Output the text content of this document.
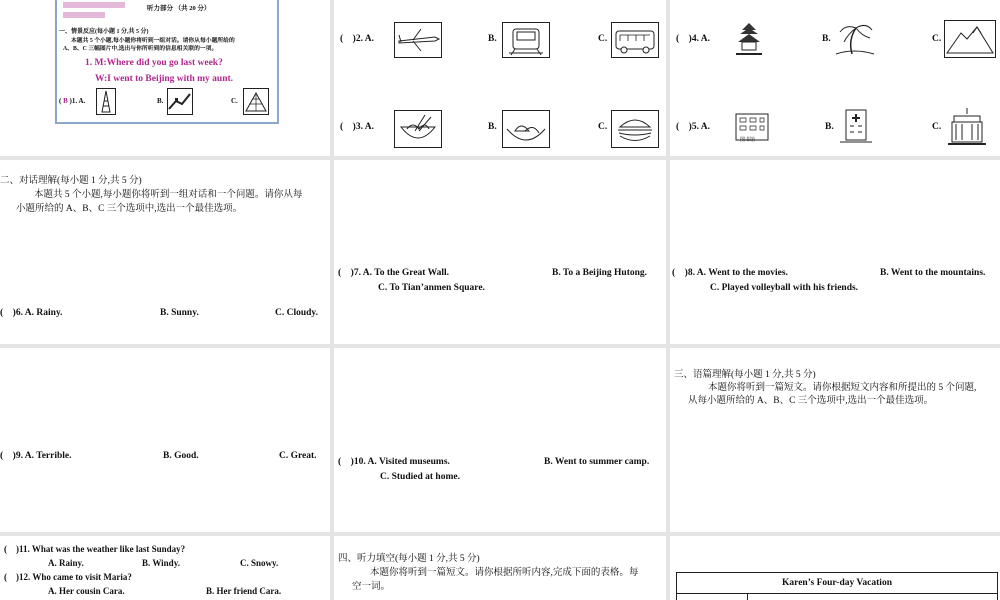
听力部分 （共 20 分）
一、情景反应(每小题 1 分,共 5 分)
本题共 5 个小题,每小题你将听到一组对话。请你从每小题所给的
A、B、C 三幅图片中,选出与你所听到的信息相关联的一项。
1. M:Where did you go last week?
W:I went to Beijing with my aunt.
( B )1. A.	B.	C.
( )2. A.	B.	C.
( )3. A.	B.	C.
( )4. A.	B.	C.
( )5. A.
图书馆
B.	C.
二、对话理解(每小题 1 分,共 5 分)
本题共 5 个小题,每小题你将听到一组对话和一个问题。请你从每
小题所给的 A、B、C 三个选项中,选出一个最佳选项。
( )6. A. Rainy.	B. Sunny.	C. Cloudy.
( )7. A. To the Great Wall.	B. To a Beijing Hutong.
C. To Tian’anmen Square.
( )8. A. Went to the movies.	B. Went to the mountains.
C. Played volleyball with his friends.
( )9. A. Terrible.	B. Good.	C. Great.
( )10. A. Visited museums.	B. Went to summer camp.
C. Studied at home.
三、语篇理解(每小题 1 分,共 5 分)
本题你将听到一篇短文。请你根据短文内容和所提出的 5 个问题,
从每小题所给的 A、B、C 三个选项中,选出一个最佳选项。
( )11. What was the weather like last Sunday?
A. Rainy.	B. Windy.	C. Snowy.
( )12. Who came to visit Maria?
A. Her cousin Cara.	B. Her friend Cara.
四、听力填空(每小题 1 分,共 5 分)
本题你将听到一篇短文。请你根据所听内容,完成下面的表格。每
空一词。	Karen’s Four-day Vacation
